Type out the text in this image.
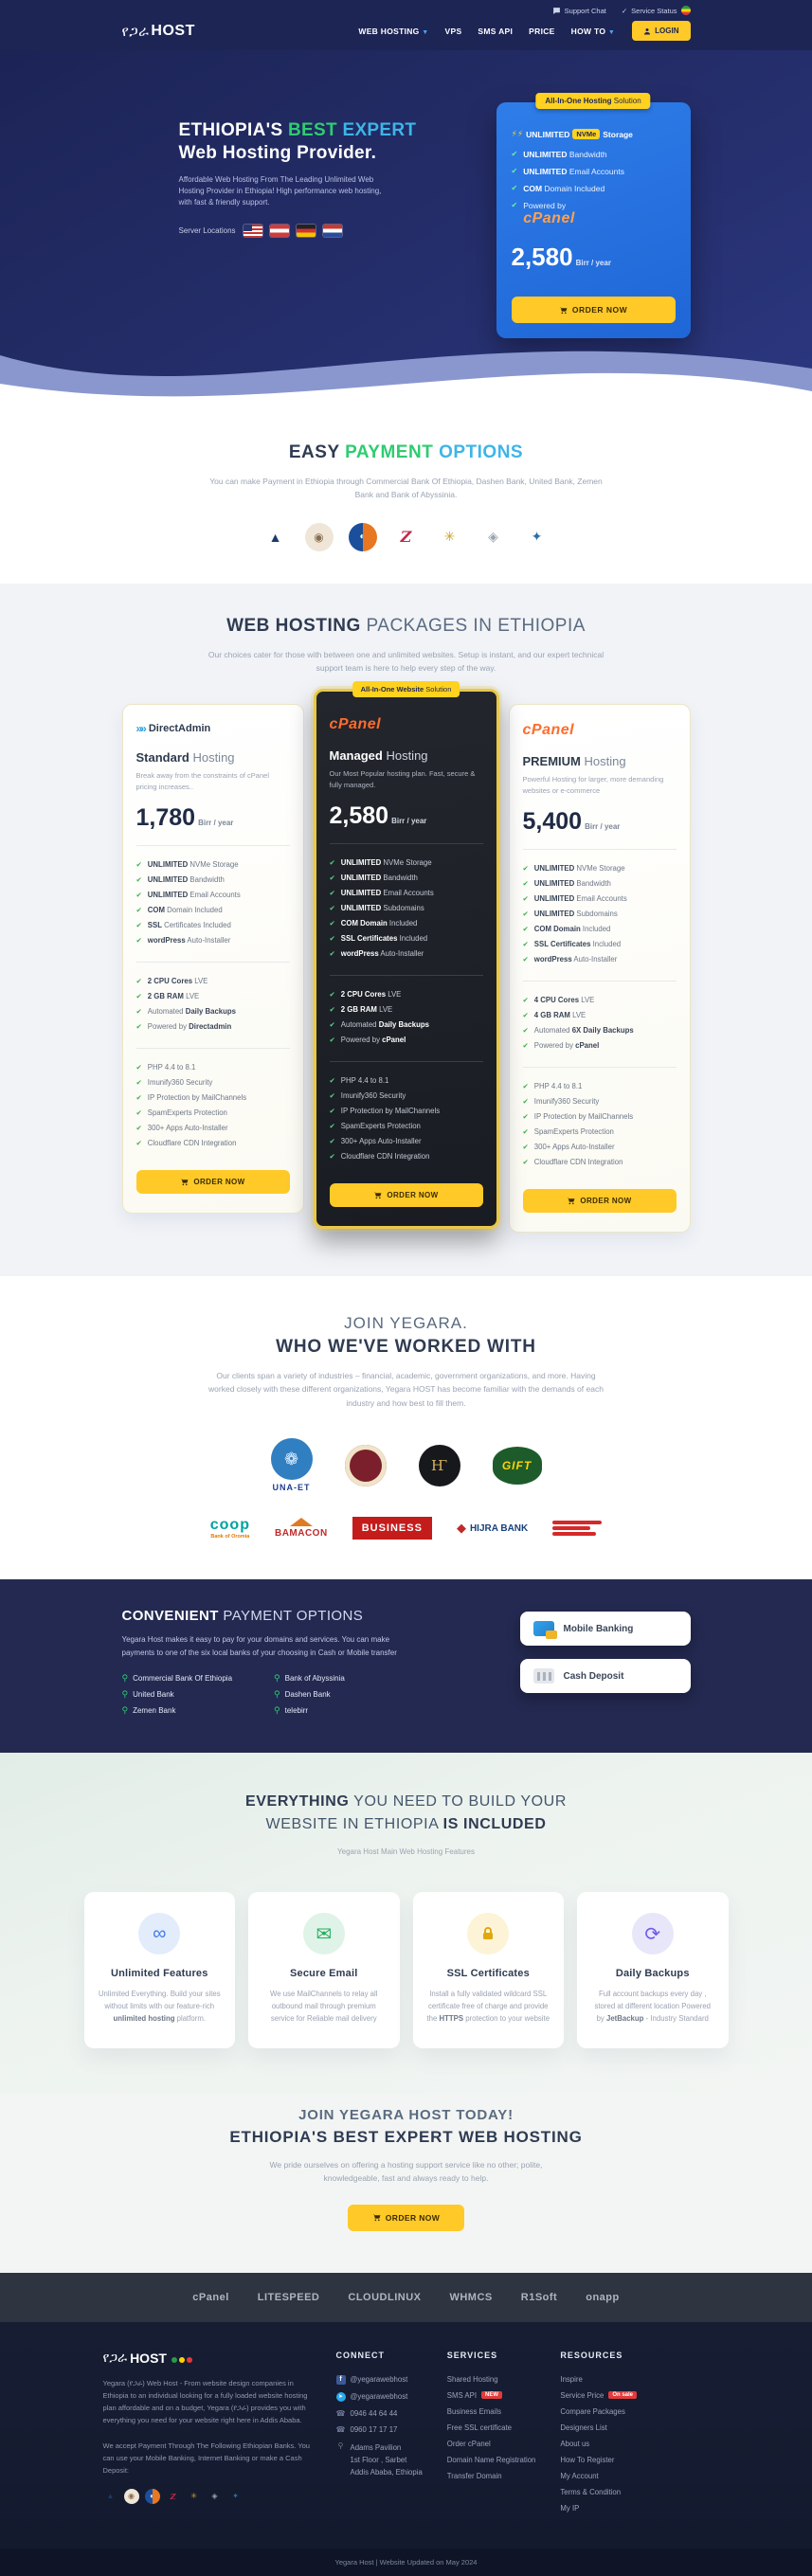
Support Chat ✓ Service Status
የጋራ HOST	WEB HOSTING ▼ VPS SMS API PRICE HOW TO ▼	LOGIN
ETHIOPIA'S BEST EXPERT
Web Hosting Provider.

Affordable Web Hosting From The Leading Unlimited Web Hosting Provider in Ethiopia! High performance web hosting, with fast & friendly support.

Server Locations
All-In-One Hosting Solution
⚡⚡ UNLIMITED NVMe Storage
✔ UNLIMITED Bandwidth
✔ UNLIMITED Email Accounts
✔ COM Domain Included
✔ Powered by
cPanel
2,580 Birr / year
ORDER NOW
EASY PAYMENT OPTIONS

You can make Payment in Ethiopia through Commercial Bank Of Ethiopia, Dashen Bank, United Bank, Zemen Bank and Bank of Abyssinia.

▲	◉	◐	Z	✳	◈	✦
WEB HOSTING PACKAGES IN ETHIOPIA

Our choices cater for those with between one and unlimited websites. Setup is instant, and our expert technical support team is here to help every step of the way.

»» DirectAdmin
Standard Hosting

Break away from the constraints of cPanel pricing increases..

1,780 Birr / year
✔ UNLIMITED NVMe Storage
✔ UNLIMITED Bandwidth
✔ UNLIMITED Email Accounts
✔ COM Domain Included
✔ SSL Certificates Included
✔ wordPress Auto-Installer
✔ 2 CPU Cores LVE
✔ 2 GB RAM LVE
✔ Automated Daily Backups
✔ Powered by Directadmin
✔ PHP 4.4 to 8.1
✔ Imunify360 Security
✔ IP Protection by MailChannels
✔ SpamExperts Protection
✔ 300+ Apps Auto-Installer
✔ Cloudflare CDN Integration
ORDER NOW
All-In-One Website Solution
cPanel
Managed Hosting

Our Most Popular hosting plan. Fast, secure & fully managed.

2,580 Birr / year
✔ UNLIMITED NVMe Storage
✔ UNLIMITED Bandwidth
✔ UNLIMITED Email Accounts
✔ UNLIMITED Subdomains
✔ COM Domain Included
✔ SSL Certificates Included
✔ wordPress Auto-Installer
✔ 2 CPU Cores LVE
✔ 2 GB RAM LVE
✔ Automated Daily Backups
✔ Powered by cPanel
✔ PHP 4.4 to 8.1
✔ Imunify360 Security
✔ IP Protection by MailChannels
✔ SpamExperts Protection
✔ 300+ Apps Auto-Installer
✔ Cloudflare CDN Integration
ORDER NOW
cPanel
PREMIUM Hosting

Powerful Hosting for larger, more demanding websites or e-commerce

5,400 Birr / year
✔ UNLIMITED NVMe Storage
✔ UNLIMITED Bandwidth
✔ UNLIMITED Email Accounts
✔ UNLIMITED Subdomains
✔ COM Domain Included
✔ SSL Certificates Included
✔ wordPress Auto-Installer
✔ 4 CPU Cores LVE
✔ 4 GB RAM LVE
✔ Automated 6X Daily Backups
✔ Powered by cPanel
✔ PHP 4.4 to 8.1
✔ Imunify360 Security
✔ IP Protection by MailChannels
✔ SpamExperts Protection
✔ 300+ Apps Auto-Installer
✔ Cloudflare CDN Integration
ORDER NOW
JOIN YEGARA.
WHO WE'VE WORKED WITH

Our clients span a variety of industries – financial, academic, government organizations, and more. Having worked closely with these different organizations, Yegara HOST has become familiar with the demands of each industry and how best to fill them.

❁
UNA-ET
Ҥ	GIFT
coop
Bank of Oromia	BAMACON	BUSINESS	◆ HIJRA BANK
CONVENIENT PAYMENT OPTIONS

Yegara Host makes it easy to pay for your domains and services. You can make payments to one of the six local banks of your choosing in Cash or Mobile transfer

⚲ Commercial Bank Of Ethiopia
⚲ United Bank
⚲ Zemen Bank
⚲ Bank of Abyssinia
⚲ Dashen Bank
⚲ telebirr
Mobile Banking
Cash Deposit
EVERYTHING YOU NEED TO BUILD YOUR
WEBSITE IN ETHIOPIA IS INCLUDED

Yegara Host Main Web Hosting Features

∞
Unlimited Features

Unlimited Everything. Build your sites without limits with our feature-rich unlimited hosting platform.

✉
Secure Email

We use MailChannels to relay all outbound mail through premium service for Reliable mail delivery

SSL Certificates

Install a fully validated wildcard SSL certificate free of charge and provide the HTTPS protection to your website

⟳
Daily Backups

Full account backups every day , stored at different location Powered by JetBackup - Industry Standard

JOIN YEGARA HOST TODAY!
ETHIOPIA'S BEST EXPERT WEB HOSTING

We pride ourselves on offering a hosting support service like no other; polite, knowledgeable, fast and always ready to help.

ORDER NOW
cPanel	LITESPEED	CLOUDLINUX	WHMCS	R1Soft	onapp
የጋራ HOST

Yegara (የጋራ) Web Host - From website design companies in Ethiopia to an individual looking for a fully loaded website hosting plan affordable and on a budget, Yegara (የጋራ) provides you with everything you need for your website right here in Addis Ababa.

We accept Payment Through The Following Ethiopian Banks. You can use your Mobile Banking, Internet Banking or make a Cash Deposit:

▲	◉	◐	Z	✳	◈	✦
CONNECT
f	@yegarawebhost
➤ @yegarawebhost
☎ 0946 44 64 44
☎ 0960 17 17 17
⚲ Adams Pavilion
1st Floor , Sarbet
Addis Ababa, Ethiopia
SERVICES
Shared Hosting
SMS API	NEW
Business Emails
Free SSL certificate
Order cPanel
Domain Name Registration
Transfer Domain
RESOURCES
Inspire
Service Price	On sale
Compare Packages
Designers List
About us
How To Register
My Account
Terms & Condition
My IP
Yegara Host | Website Updated on May 2024
